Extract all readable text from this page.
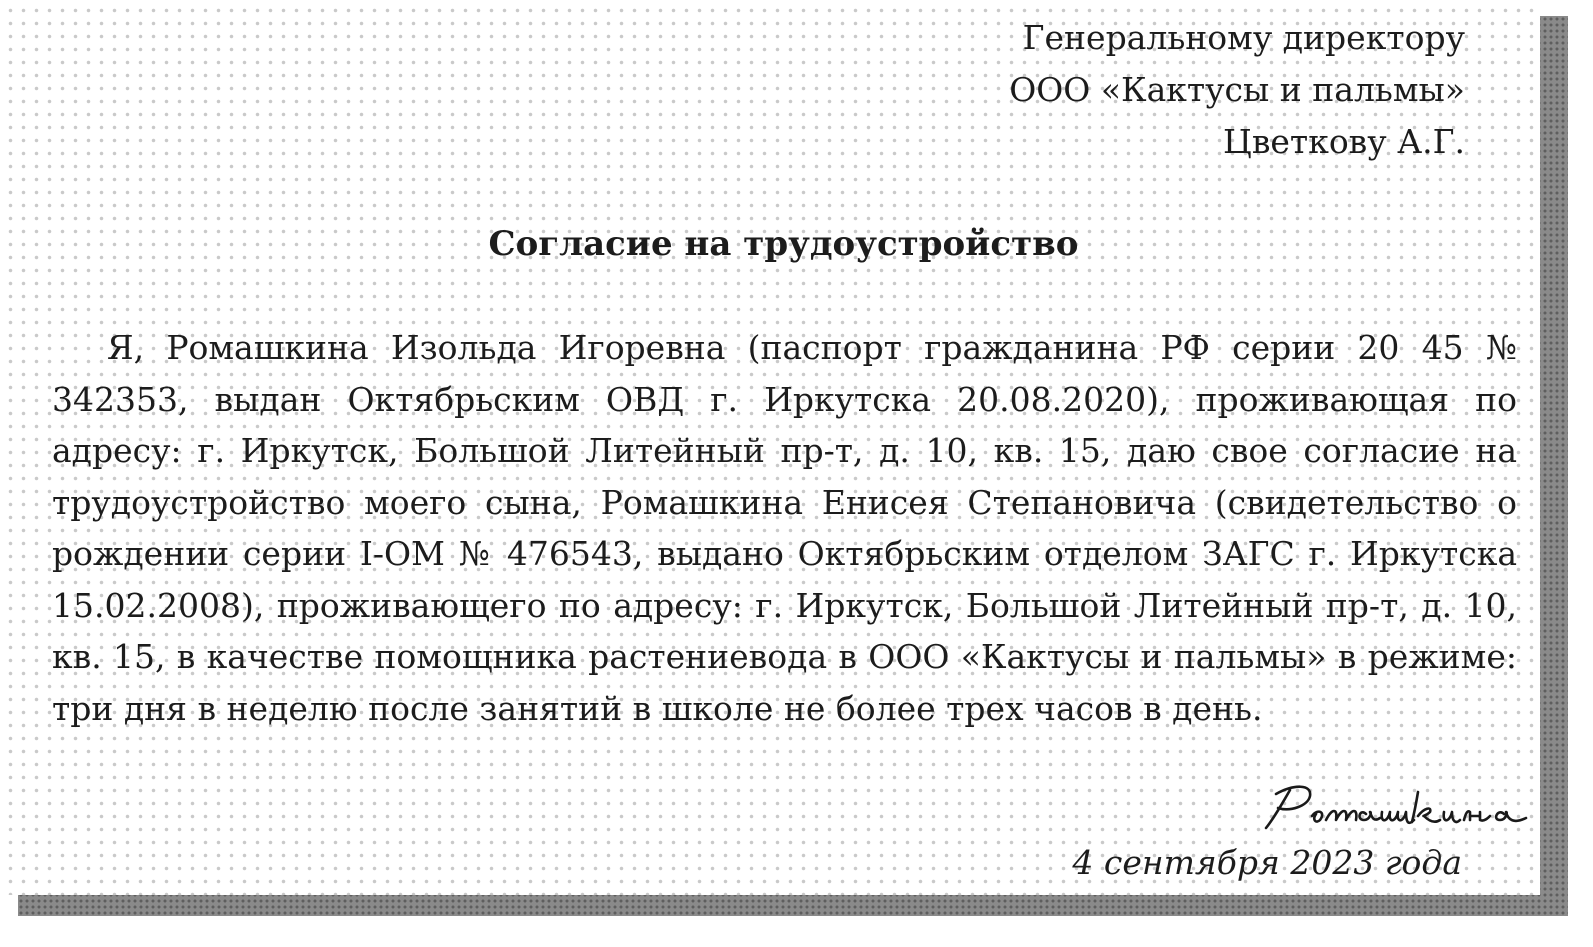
Генеральному директору
ООО «Кактусы и пальмы»
Цветкову А.Г.
Согласие на трудоустройство
Я, Ромашкина Изольда Игоревна (паспорт гражданина РФ серии 20 45 № 342353, выдан Октябрьским ОВД г. Иркутска 20.08.2020), проживающая по адресу: г. Иркутск, Большой Литейный пр-т, д. 10, кв. 15, даю свое согласие на трудоустройство моего сына, Ромашкина Енисея Степановича (свидетельство о рождении серии I-ОМ № 476543, выдано Октябрьским отделом ЗАГС г. Иркутска 15.02.2008), проживающего по адресу: г. Иркутск, Большой Литейный пр-т, д. 10, кв. 15, в качестве помощника растениевода в ООО «Кактусы и пальмы» в режиме: три дня в неделю после занятий в школе не более трех часов в день.
4 сентября 2023 года
